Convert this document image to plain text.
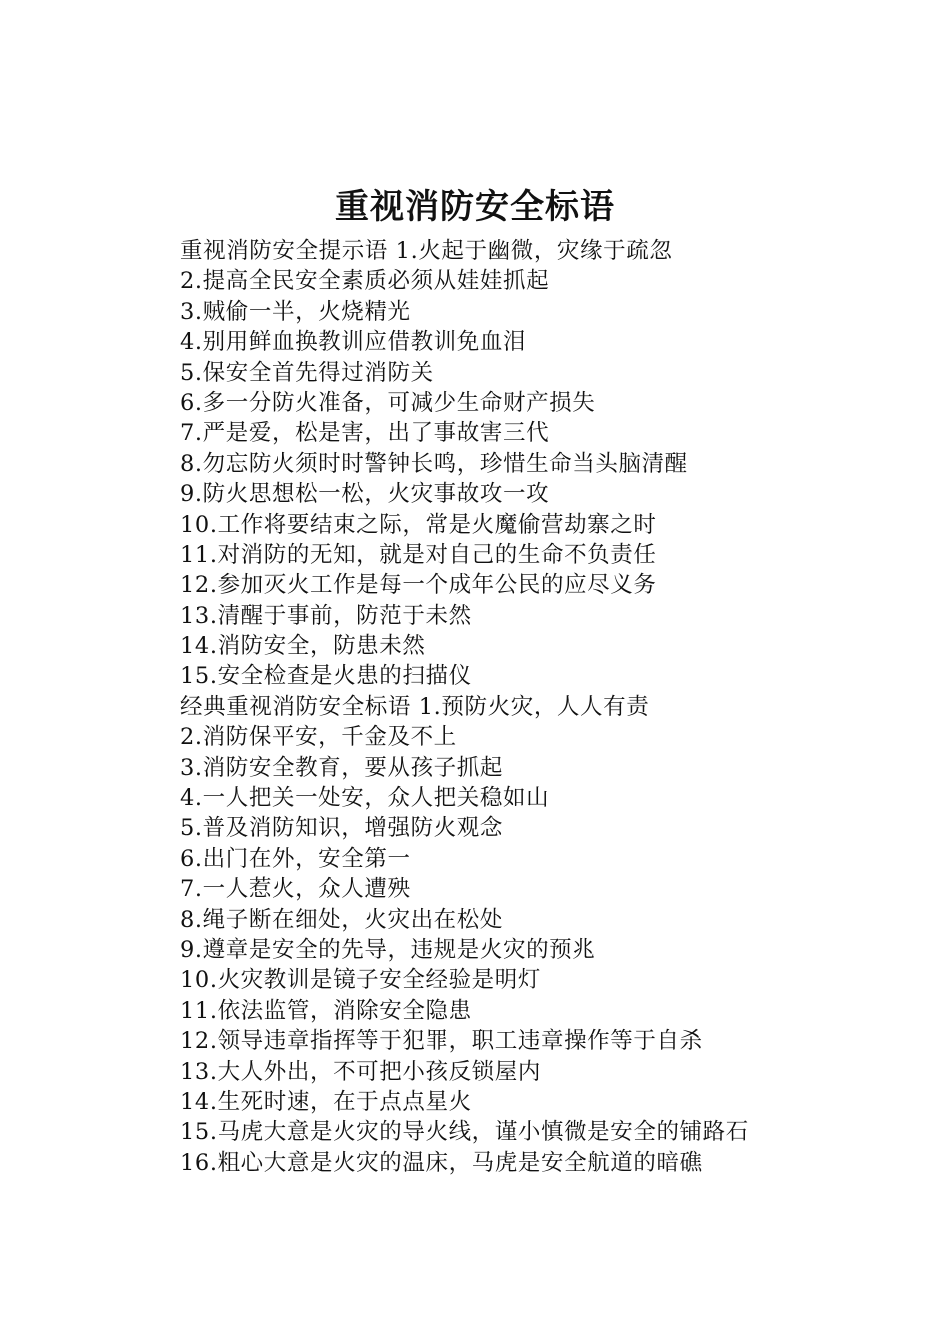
重视消防安全标语
重视消防安全提示语 1.火起于幽微，灾缘于疏忽
2.提高全民安全素质必须从娃娃抓起
3.贼偷一半，火烧精光
4.别用鲜血换教训应借教训免血泪
5.保安全首先得过消防关
6.多一分防火准备，可减少生命财产损失
7.严是爱，松是害，出了事故害三代
8.勿忘防火须时时警钟长鸣，珍惜生命当头脑清醒
9.防火思想松一松，火灾事故攻一攻
10.工作将要结束之际，常是火魔偷营劫寨之时
11.对消防的无知，就是对自己的生命不负责任
12.参加灭火工作是每一个成年公民的应尽义务
13.清醒于事前，防范于未然
14.消防安全，防患未然
15.安全检查是火患的扫描仪
经典重视消防安全标语 1.预防火灾，人人有责
2.消防保平安，千金及不上
3.消防安全教育，要从孩子抓起
4.一人把关一处安，众人把关稳如山
5.普及消防知识，增强防火观念
6.出门在外，安全第一
7.一人惹火，众人遭殃
8.绳子断在细处，火灾出在松处
9.遵章是安全的先导，违规是火灾的预兆
10.火灾教训是镜子安全经验是明灯
11.依法监管，消除安全隐患
12.领导违章指挥等于犯罪，职工违章操作等于自杀
13.大人外出，不可把小孩反锁屋内
14.生死时速，在于点点星火
15.马虎大意是火灾的导火线，谨小慎微是安全的铺路石
16.粗心大意是火灾的温床，马虎是安全航道的暗礁
